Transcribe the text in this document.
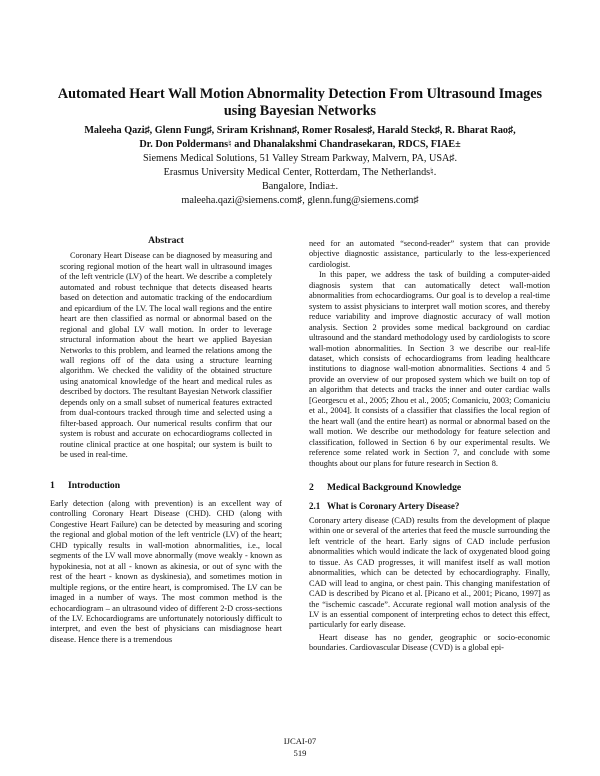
Automated Heart Wall Motion Abnormality Detection From Ultrasound Images
using Bayesian Networks
Maleeha Qazi♯, Glenn Fung♯, Sriram Krishnan♯, Romer Rosales♯, Harald Steck♯, R. Bharat Rao♯,
Dr. Don Poldermans♮ and Dhanalakshmi Chandrasekaran, RDCS, FIAE±
Siemens Medical Solutions, 51 Valley Stream Parkway, Malvern, PA, USA♯.
Erasmus University Medical Center, Rotterdam, The Netherlands♮.
Bangalore, India±.
maleeha.qazi@siemens.com♯, glenn.fung@siemens.com♯
Abstract

Coronary Heart Disease can be diagnosed by measuring and scoring regional motion of the heart wall in ultrasound images of the left ventricle (LV) of the heart. We describe a completely automated and robust technique that detects diseased hearts based on detection and automatic tracking of the endocardium and epicardium of the LV. The local wall regions and the entire heart are then classified as normal or abnormal based on the regional and global LV wall motion. In order to leverage structural information about the heart we applied Bayesian Networks to this problem, and learned the relations among the wall regions off of the data using a structure learning algorithm. We checked the validity of the obtained structure using anatomical knowledge of the heart and medical rules as described by doctors. The resultant Bayesian Network classifier depends only on a small subset of numerical features extracted from dual-contours tracked through time and selected using a filter-based approach. Our numerical results confirm that our system is robust and accurate on echocardiograms collected in routine clinical practice at one hospital; our system is built to be used in real-time.

1 Introduction

Early detection (along with prevention) is an excellent way of controlling Coronary Heart Disease (CHD). CHD (along with Congestive Heart Failure) can be detected by measuring and scoring the regional and global motion of the left ventricle (LV) of the heart; CHD typically results in wall-motion abnormalities, i.e., local segments of the LV wall move abnormally (move weakly - known as hypokinesia, not at all - known as akinesia, or out of sync with the rest of the heart - known as dyskinesia), and sometimes motion in multiple regions, or the entire heart, is compromised. The LV can be imaged in a number of ways. The most common method is the echocardiogram – an ultrasound video of different 2-D cross-sections of the LV. Echocardiograms are unfortunately notoriously difficult to interpret, and even the best of physicians can misdiagnose heart disease. Hence there is a tremendous

need for an automated “second-reader” system that can provide objective diagnostic assistance, particularly to the less-experienced cardiologist.

In this paper, we address the task of building a computer-aided diagnosis system that can automatically detect wall-motion abnormalities from echocardiograms. Our goal is to develop a real-time system to assist physicians to interpret wall motion scores, and thereby reduce variability and improve diagnostic accuracy of wall motion analysis. Section 2 provides some medical background on cardiac ultrasound and the standard methodology used by cardiologists to score wall-motion abnormalities. In Section 3 we describe our real-life dataset, which consists of echocardiograms from leading healthcare institutions to diagnose wall-motion abnormalities. Sections 4 and 5 provide an overview of our proposed system which we built on top of an algorithm that detects and tracks the inner and outer cardiac walls [Georgescu et al., 2005; Zhou et al., 2005; Comaniciu, 2003; Comaniciu et al., 2004]. It consists of a classifier that classifies the local region of the heart wall (and the entire heart) as normal or abnormal based on the wall motion. We describe our methodology for feature selection and classification, followed in Section 6 by our experimental results. We reference some related work in Section 7, and conclude with some thoughts about our plans for future research in Section 8.

2 Medical Background Knowledge
2.1 What is Coronary Artery Disease?

Coronary artery disease (CAD) results from the development of plaque within one or several of the arteries that feed the muscle surrounding the left ventricle of the heart. Early signs of CAD include perfusion abnormalities which would indicate the lack of oxygenated blood going to tissue. As CAD progresses, it will manifest itself as wall motion abnormalities, which can be detected by echocardiography. Finally, CAD will lead to angina, or chest pain. This changing manifestation of CAD is described by Picano et al. [Picano et al., 2001; Picano, 1997] as the “ischemic cascade”. Accurate regional wall motion analysis of the LV is an essential component of interpreting echos to detect this effect, particularly for early disease.

Heart disease has no gender, geographic or socio-economic boundaries. Cardiovascular Disease (CVD) is a global epi-

IJCAI-07
519
